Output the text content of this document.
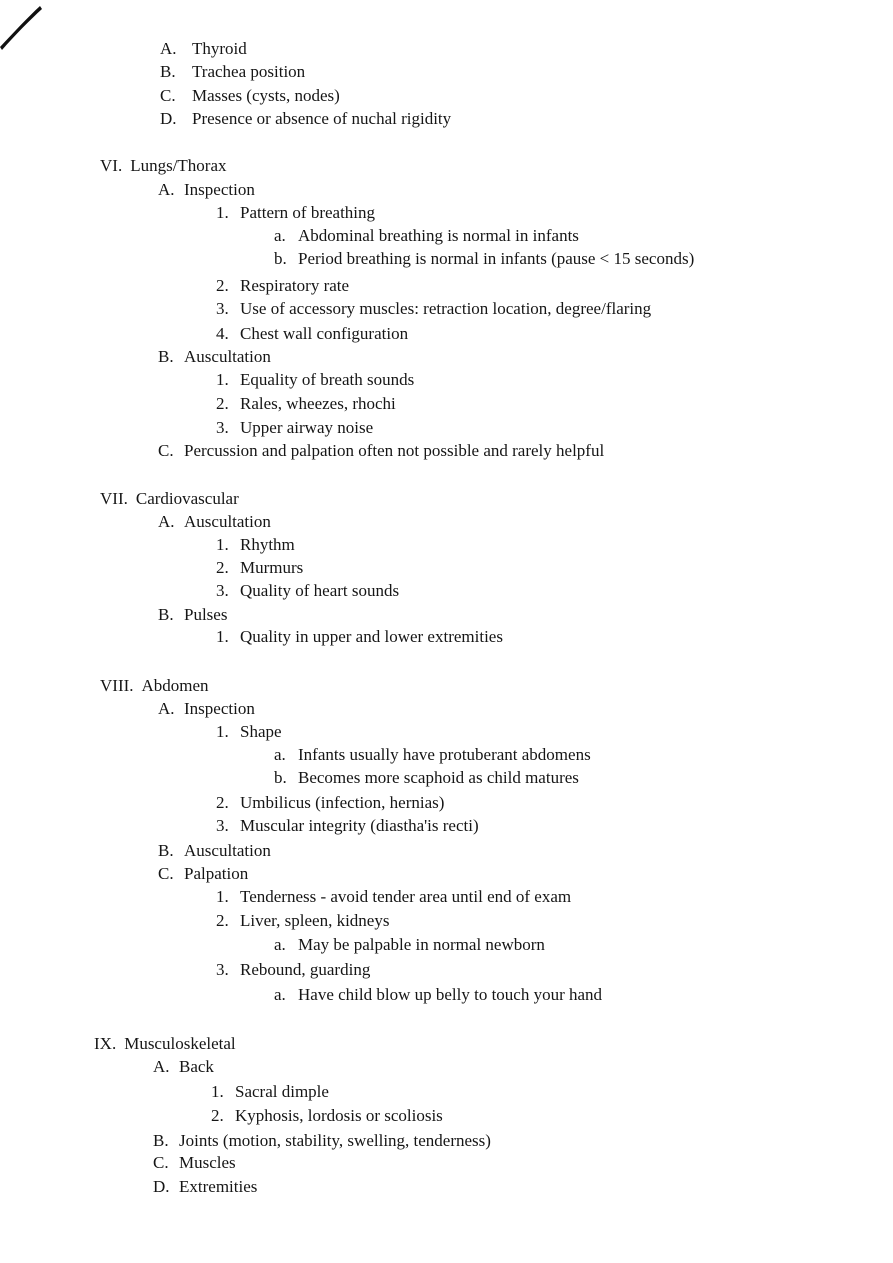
A. Thyroid
B. Trachea position
C. Masses (cysts, nodes)
D. Presence or absence of nuchal rigidity
VI. Lungs/Thorax
A. Inspection
1. Pattern of breathing
a. Abdominal breathing is normal in infants
b. Period breathing is normal in infants (pause < 15 seconds)
2. Respiratory rate
3. Use of accessory muscles: retraction location, degree/flaring
4. Chest wall configuration
B. Auscultation
1. Equality of breath sounds
2. Rales, wheezes, rhochi
3. Upper airway noise
C. Percussion and palpation often not possible and rarely helpful
VII. Cardiovascular
A. Auscultation
1. Rhythm
2. Murmurs
3. Quality of heart sounds
B. Pulses
1. Quality in upper and lower extremities
VIII. Abdomen
A. Inspection
1. Shape
a. Infants usually have protuberant abdomens
b. Becomes more scaphoid as child matures
2. Umbilicus (infection, hernias)
3. Muscular integrity (diastha'is recti)
B. Auscultation
C. Palpation
1. Tenderness - avoid tender area until end of exam
2. Liver, spleen, kidneys
a. May be palpable in normal newborn
3. Rebound, guarding
a. Have child blow up belly to touch your hand
IX. Musculoskeletal
A. Back
1. Sacral dimple
2. Kyphosis, lordosis or scoliosis
B. Joints (motion, stability, swelling, tenderness)
C. Muscles
D. Extremities
